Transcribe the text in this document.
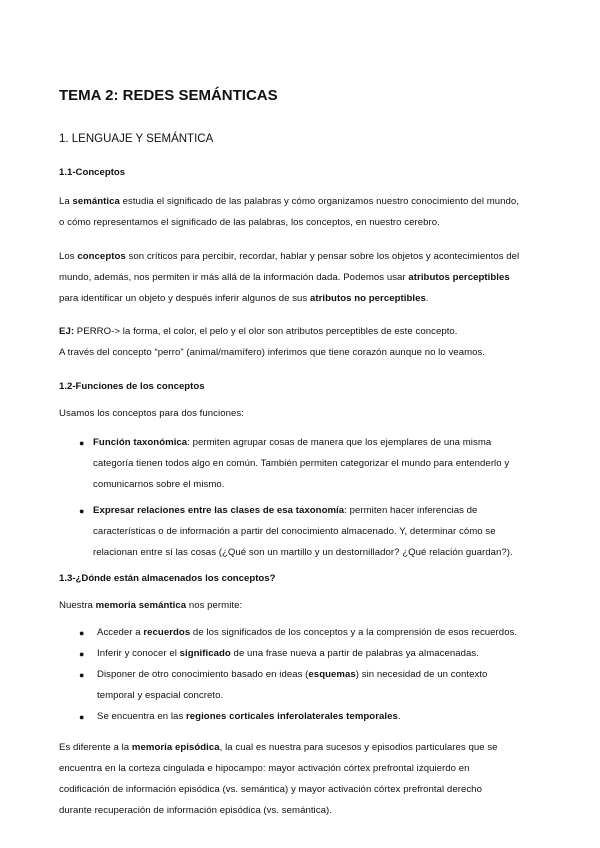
TEMA 2: REDES SEMÁNTICAS
1. LENGUAJE Y SEMÁNTICA
1.1-Conceptos
La semántica estudia el significado de las palabras y cómo organizamos nuestro conocimiento del mundo,
o cómo representamos el significado de las palabras, los conceptos, en nuestro cerebro.
Los conceptos son críticos para percibir, recordar, hablar y pensar sobre los objetos y acontecimientos del
mundo, además, nos permiten ir más allá de la información dada. Podemos usar atributos perceptibles
para identificar un objeto y después inferir algunos de sus atributos no perceptibles.
EJ: PERRO-> la forma, el color, el pelo y el olor son atributos perceptibles de este concepto.
A través del concepto “perro” (animal/mamífero) inferimos que tiene corazón aunque no lo veamos.
1.2-Funciones de los conceptos
Usamos los conceptos para dos funciones:
● Función taxonómica: permiten agrupar cosas de manera que los ejemplares de una misma
categoría tienen todos algo en común. También permiten categorizar el mundo para entenderlo y
comunicarnos sobre el mismo.
● Expresar relaciones entre las clases de esa taxonomía: permiten hacer inferencias de
características o de información a partir del conocimiento almacenado. Y, determinar cómo se
relacionan entre sí las cosas (¿Qué son un martillo y un destornillador? ¿Qué relación guardan?).
1.3-¿Dónde están almacenados los conceptos?
Nuestra memoria semántica nos permite:
● Acceder a recuerdos de los significados de los conceptos y a la comprensión de esos recuerdos.
● Inferir y conocer el significado de una frase nueva a partir de palabras ya almacenadas.
● Disponer de otro conocimiento basado en ideas (esquemas) sin necesidad de un contexto
temporal y espacial concreto.
● Se encuentra en las regiones corticales inferolaterales temporales.
Es diferente a la memoria episódica, la cual es nuestra para sucesos y episodios particulares que se
encuentra en la corteza cingulada e hipocampo: mayor activación córtex prefrontal izquierdo en
codificación de información episódica (vs. semántica) y mayor activación córtex prefrontal derecho
durante recuperación de información episódica (vs. semántica).
